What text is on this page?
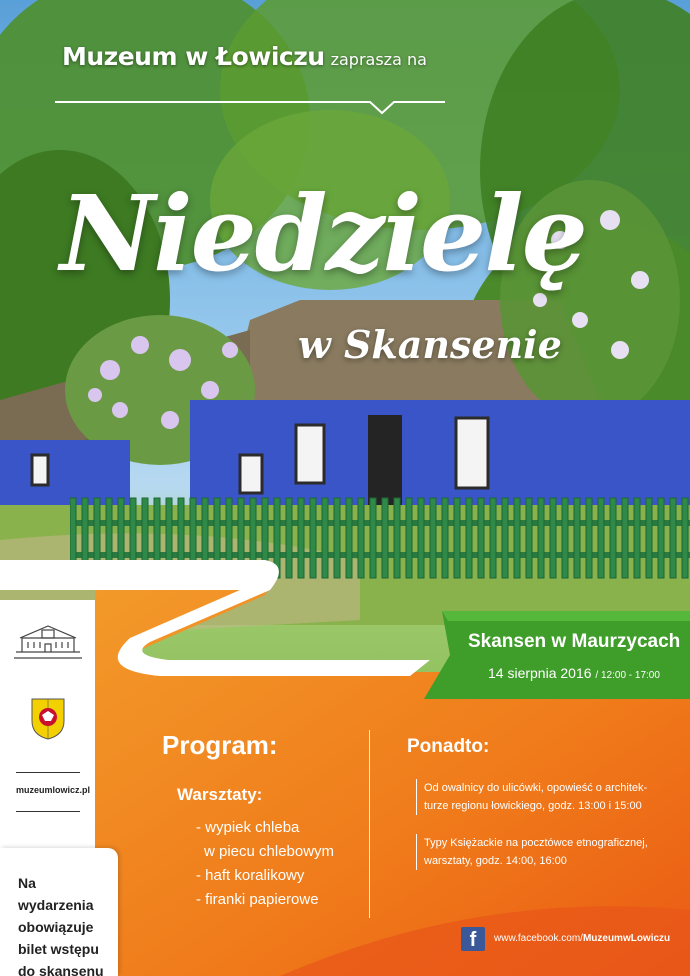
Muzeum w Łowiczu zaprasza na
Niedzielę
w Skansenie
Skansen w Maurzycach
14 sierpnia 2016 / 12:00 - 17:00
muzeumlowicz.pl
Na wydarzenia
obowiązuje
bilet wstępu
do skansenu
Program:
Warsztaty:
- wypiek chleba
w piecu chlebowym
- haft koralikowy
- firanki papierowe
Ponadto:
Od owalnicy do ulicówki, opowieść o architek-
turze regionu łowickiego, godz. 13:00 i 15:00
Typy Księżackie na pocztówce etnograficznej,
warsztaty, godz. 14:00, 16:00
f	www.facebook.com/MuzeumwLowiczu
